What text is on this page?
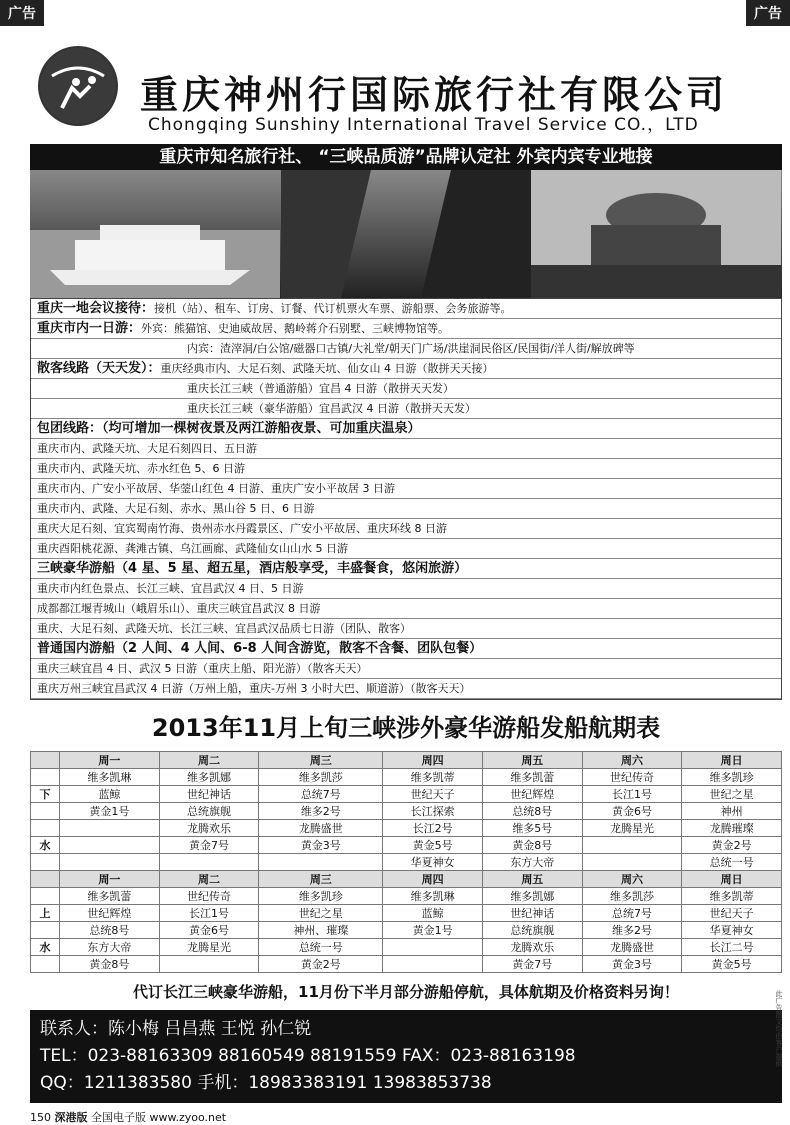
广告	广告
重庆神州行国际旅行社有限公司
Chongqing Sunshiny International Travel Service CO.，LTD
重庆市知名旅行社、 “三峡品质游”品牌认定社 外宾内宾专业地接
重庆一地会议接待：接机（站）、租车、订房、订餐、代订机票火车票、游船票、会务旅游等。
重庆市内一日游：外宾：熊猫馆、史迪威故居、鹅岭蒋介石别墅、三峡博物馆等。
内宾：渣滓洞/白公馆/磁器口古镇/大礼堂/朝天门广场/洪崖洞民俗区/民国街/洋人街/解放碑等
散客线路（天天发）：重庆经典市内、大足石刻、武隆天坑、仙女山 4 日游（散拼天天接）
重庆长江三峡（普通游船）宜昌 4 日游（散拼天天发）
重庆长江三峡（豪华游船）宜昌武汉 4 日游（散拼天天发）
包团线路：（均可增加一棵树夜景及两江游船夜景、可加重庆温泉）
重庆市内、武隆天坑、大足石刻四日、五日游
重庆市内、武隆天坑、赤水红色 5、6 日游
重庆市内、广安小平故居、华蓥山红色 4 日游、重庆广安小平故居 3 日游
重庆市内、武隆、大足石刻、赤水、黑山谷 5 日、6 日游
重庆大足石刻、宜宾蜀南竹海、贵州赤水丹霞景区、广安小平故居、重庆环线 8 日游
重庆酉阳桃花源、龚滩古镇、乌江画廊、武隆仙女山山水 5 日游
三峡豪华游船（4 星、5 星、超五星，酒店般享受，丰盛餐食，悠闲旅游）
重庆市内红色景点、长江三峡、宜昌武汉 4 日、5 日游
成都都江堰青城山（峨眉乐山）、重庆三峡宜昌武汉 8 日游
重庆、大足石刻、武隆天坑、长江三峡、宜昌武汉品质七日游（团队、散客）
普通国内游船（2 人间、4 人间、6-8 人间含游览，散客不含餐、团队包餐）
重庆三峡宜昌 4 日、武汉 5 日游（重庆上船、阳光游）（散客天天）
重庆万州三峡宜昌武汉 4 日游（万州上船，重庆-万州 3 小时大巴、顺道游）（散客天天）
2013年11月上旬三峡涉外豪华游船发船航期表
	周一	周二	周三	周四	周五	周六	周日
	维多凯琳	维多凯娜	维多凯莎	维多凯蒂	维多凯蕾	世纪传奇	维多凯珍
下	蓝鲸	世纪神话	总统7号	世纪天子	世纪辉煌	长江1号	世纪之星
	黄金1号	总统旗舰	维多2号	长江探索	总统8号	黄金6号	神州
		龙腾欢乐	龙腾盛世	长江2号	维多5号	龙腾星光	龙腾璀璨
水		黄金7号	黄金3号	黄金5号	黄金8号		黄金2号
				华夏神女	东方大帝		总统一号
	周一	周二	周三	周四	周五	周六	周日
	维多凯蕾	世纪传奇	维多凯珍	维多凯琳	维多凯娜	维多凯莎	维多凯蒂
上	世纪辉煌	长江1号	世纪之星	蓝鲸	世纪神话	总统7号	世纪天子
	总统8号	黄金6号	神州、璀璨	黄金1号	总统旗舰	维多2号	华夏神女
水	东方大帝	龙腾星光	总统一号		龙腾欢乐	龙腾盛世	长江二号
	黄金8号		黄金2号		黄金7号	黄金3号	黄金5号
代订长江三峡豪华游船，11月份下半月部分游船停航，具体航期及价格资料另询！
联系人：陈小梅 吕昌燕 王悦 孙仁锐
TEL：023-88163309 88160549 88191559 FAX：023-88163198
QQ：1211383580 手机：18983383191 13983853738
150 深港版 全国电子版 www.zyoo.net
此广告图文均由客户提供
